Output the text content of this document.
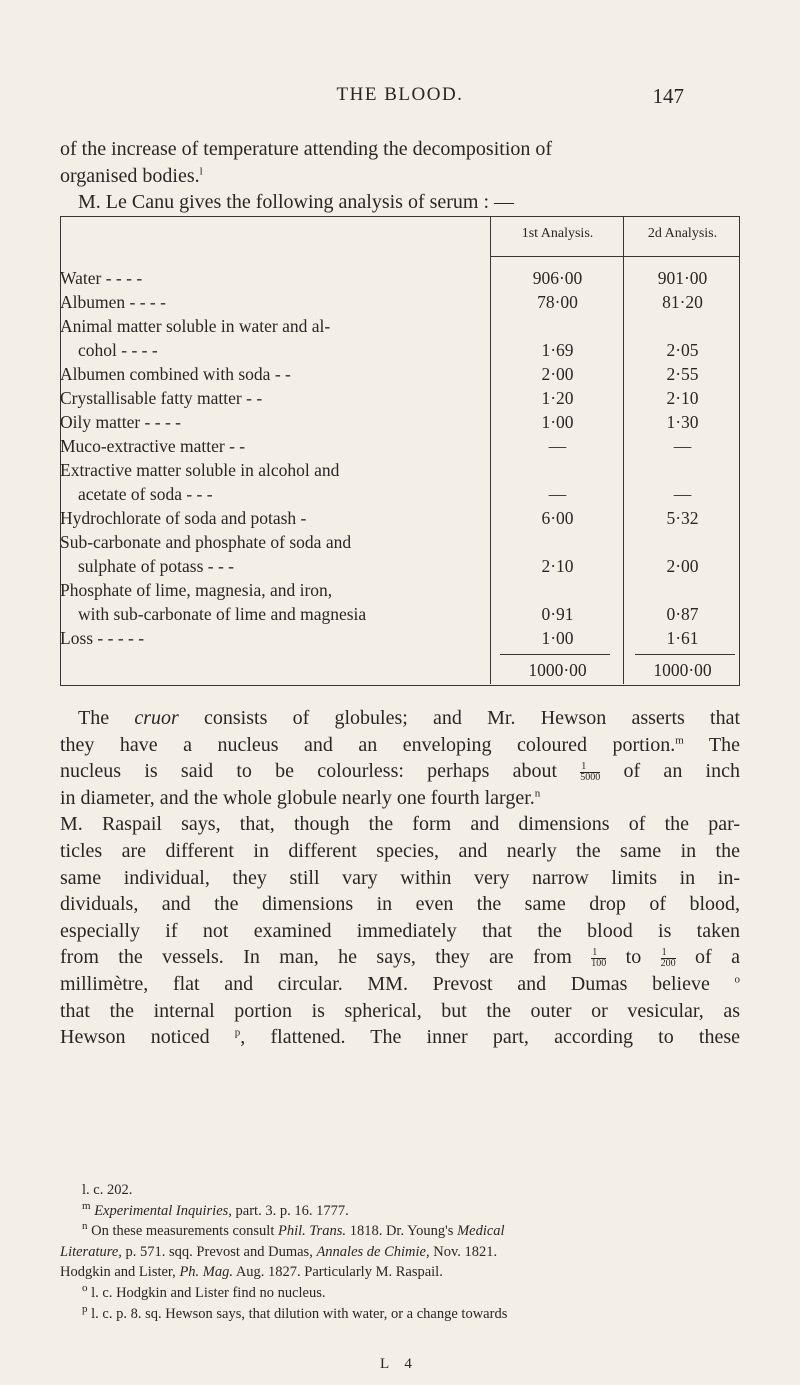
THE BLOOD.	147
of the increase of temperature attending the decomposition of
organised bodies.$^l$
M. Le Canu gives the following analysis of serum : —
1st Analysis.	2d Analysis.
Water - - - -	906·00	901·00
Albumen - - - -	78·00	81·20
Animal matter soluble in water and al-
cohol - - - -	1·69	2·05
Albumen combined with soda - -	2·00	2·55
Crystallisable fatty matter - -	1·20	2·10
Oily matter - - - -	1·00	1·30
Muco-extractive matter - -	—	—
Extractive matter soluble in alcohol and
acetate of soda - - -	—	—
Hydrochlorate of soda and potash -	6·00	5·32
Sub-carbonate and phosphate of soda and
sulphate of potass - - -	2·10	2·00
Phosphate of lime, magnesia, and iron,
with sub-carbonate of lime and magnesia	0·91	0·87
Loss - - - - -	1·00	1·61
1000·00	1000·00
The cruor consists of globules; and Mr. Hewson asserts that
they have a nucleus and an enveloping coloured portion.$^m$ The
nucleus is said to be colourless: perhaps about $\frac{1}{5000}$ of an inch
in diameter, and the whole globule nearly one fourth larger.$^n$
M. Raspail says, that, though the form and dimensions of the par-
ticles are different in different species, and nearly the same in the
same individual, they still vary within very narrow limits in in-
dividuals, and the dimensions in even the same drop of blood,
especially if not examined immediately that the blood is taken
from the vessels. In man, he says, they are from $\frac{1}{100}$ to $\frac{1}{200}$ of a
millimètre, flat and circular. MM. Prevost and Dumas believe $^o$
that the internal portion is spherical, but the outer or vesicular, as
Hewson noticed $^p$, flattened. The inner part, according to these
l. c. 202.
$^m$ Experimental Inquiries, part. 3. p. 16. 1777.
$^n$ On these measurements consult Phil. Trans. 1818. Dr. Young's Medical
Literature, p. 571. sqq. Prevost and Dumas, Annales de Chimie, Nov. 1821.
Hodgkin and Lister, Ph. Mag. Aug. 1827. Particularly M. Raspail.
$^o$ l. c. Hodgkin and Lister find no nucleus.
$^p$ l. c. p. 8. sq. Hewson says, that dilution with water, or a change towards
L 4
